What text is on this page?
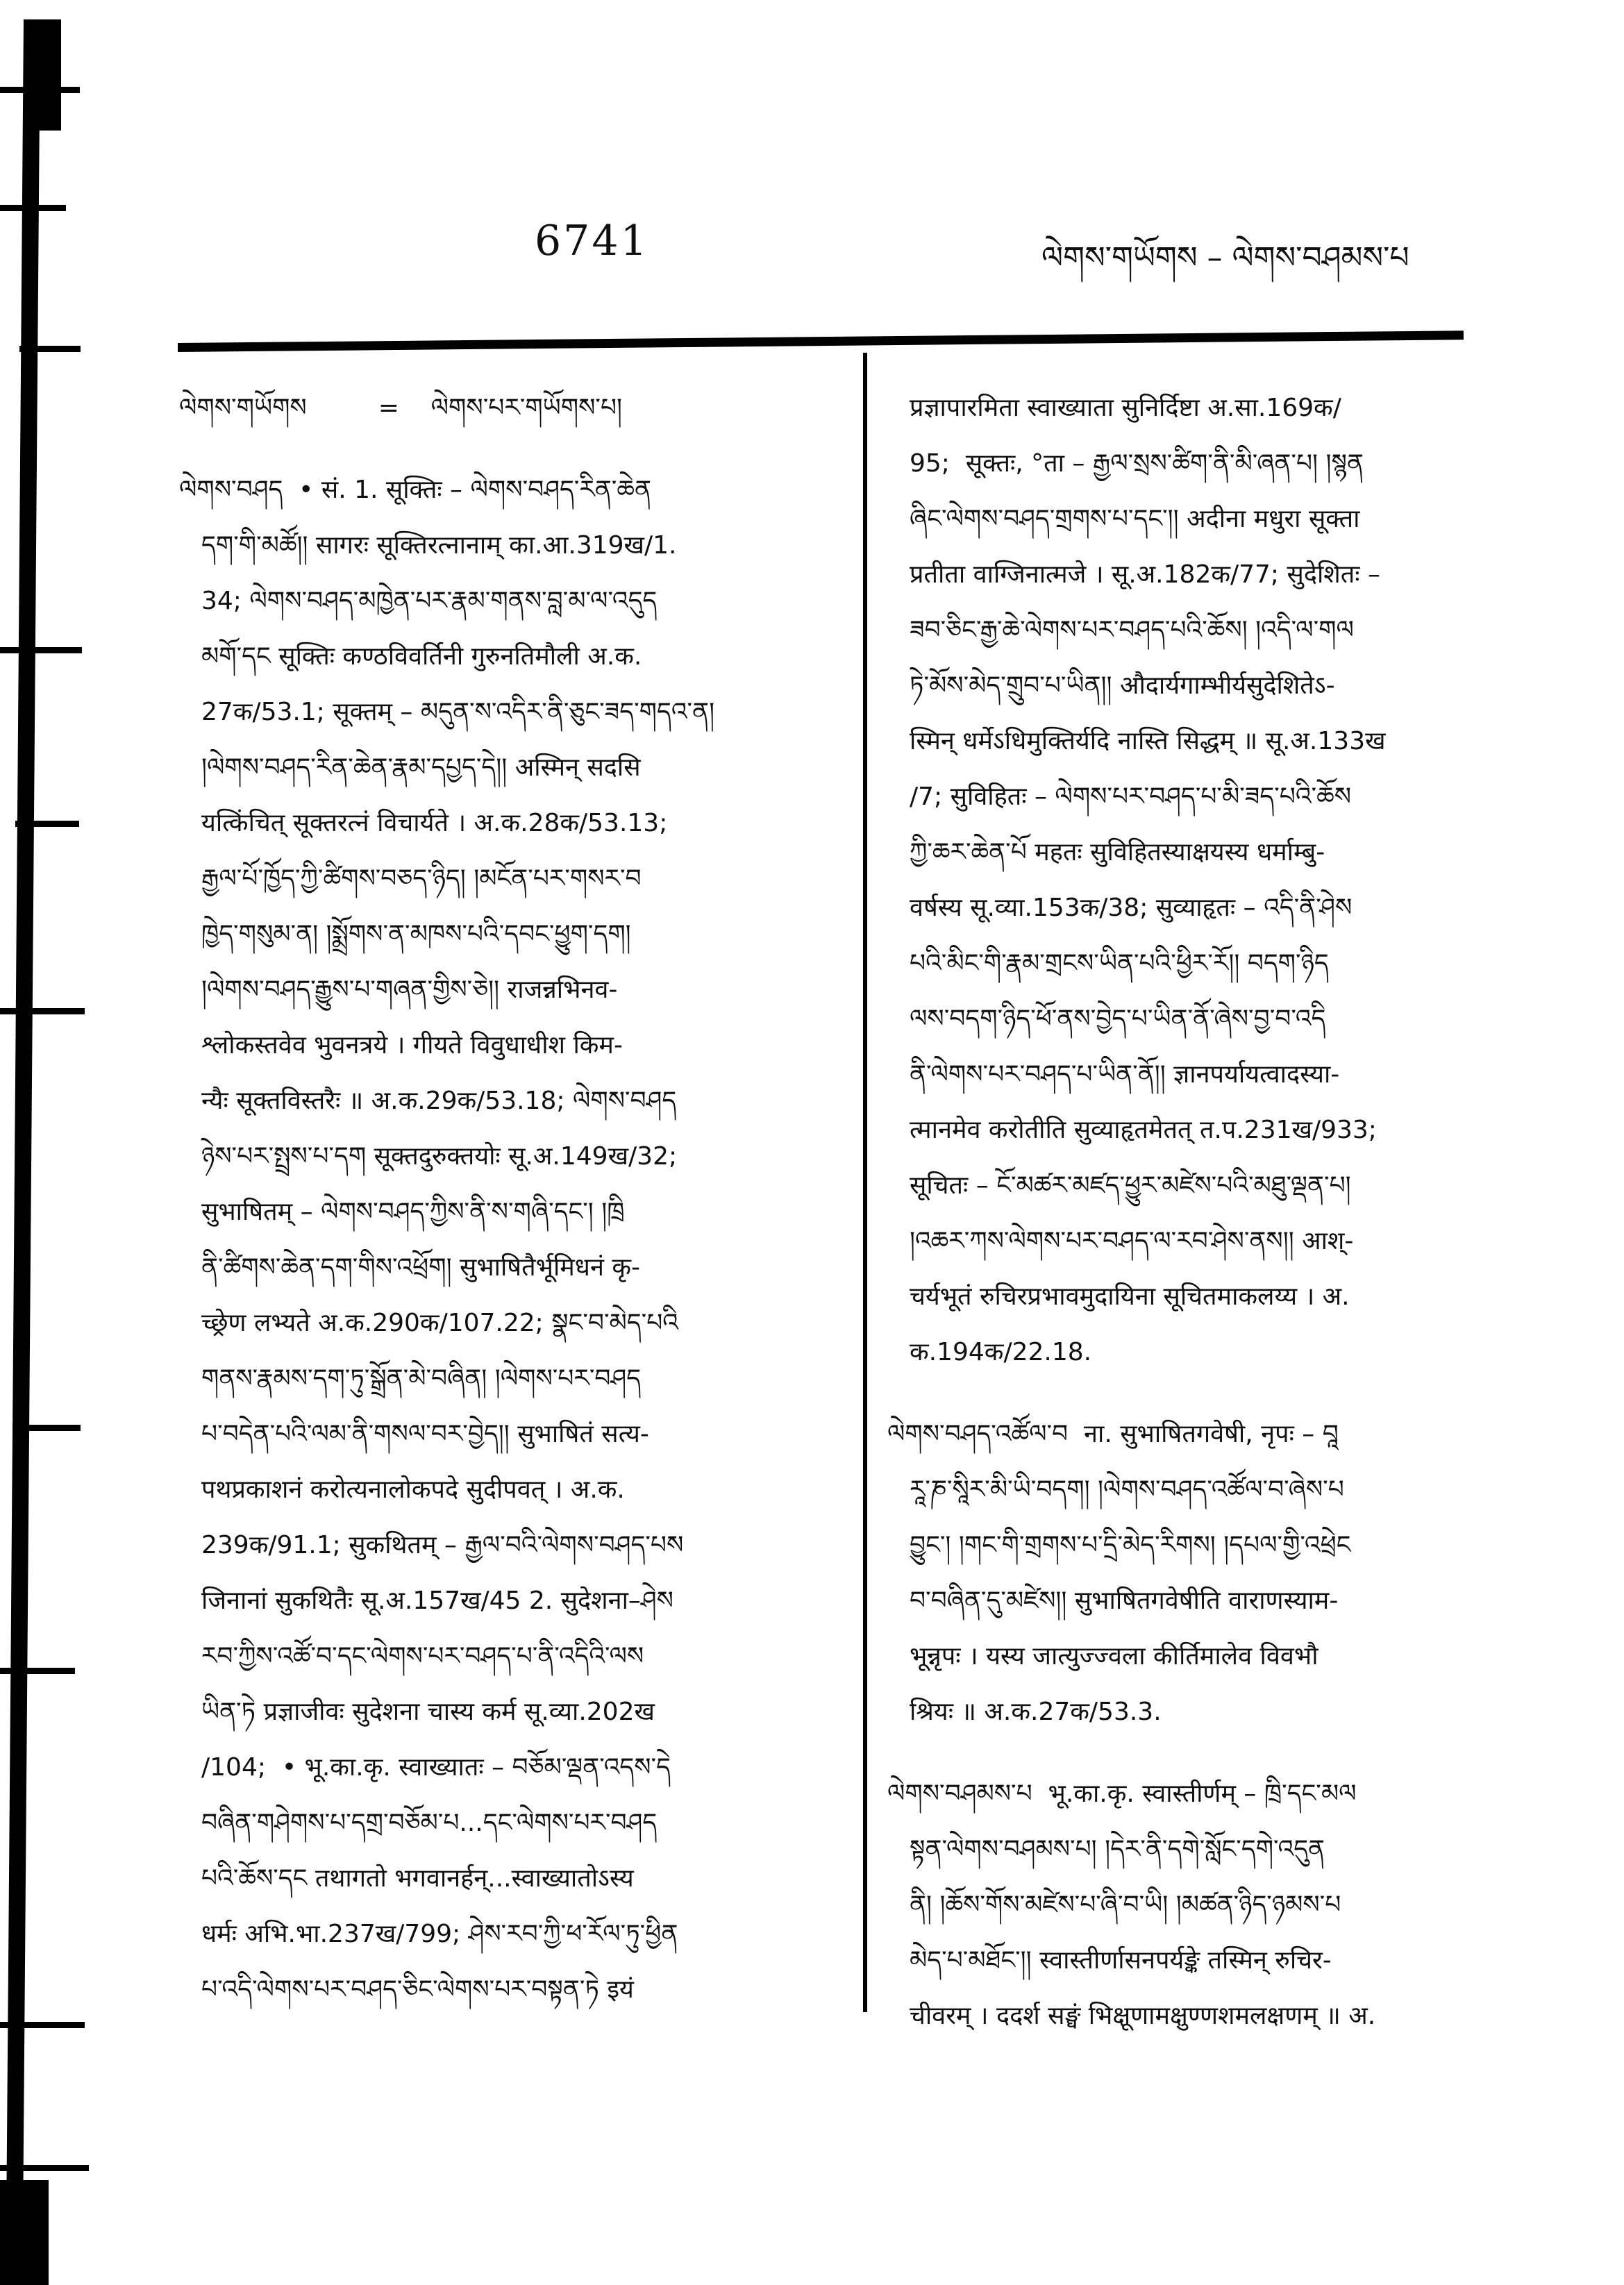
6741	ལེགས་གཡོགས – ལེགས་བཤམས་པ
ལེགས་གཡོགས         =    ལེགས་པར་གཡོགས་པ།
ལེགས་བཤད  • सं. 1. सूक्तिः – ལེགས་བཤད་རིན་ཆེན
དག་གི་མཚོ།། सागरः सूक्तिरत्नानाम् का.आ.319ख/1.
34; ལེགས་བཤད་མཁྱེན་པར་རྣམ་གནས་བླ་མ་ལ་འདུད
མགོ་དང सूक्तिः कण्ठविवर्तिनी गुरुनतिमौली अ.क.
27क/53.1; सूक्तम् – མདུན་ས་འདིར་ནི་ཅུང་ཟད་གདའ་ན།
།ལེགས་བཤད་རིན་ཆེན་རྣམ་དཔྱད་དེ།། अस्मिन् सदसि
यत्किंचित् सूक्तरत्नं विचार्यते । अ.क.28क/53.13;
རྒྱལ་པོ་ཁྱོད་ཀྱི་ཚིགས་བཅད་ཉིད། །མངོན་པར་གསར་བ
ཁྱེད་གསུམ་ན། །སྨྲོགས་ན་མཁས་པའི་དབང་ཕྱུག་དག།
།ལེགས་བཤད་རྒྱུས་པ་གཞན་གྱིས་ཅེ།། राजन्नभिनव-
श्लोकस्तवेव भुवनत्रये । गीयते विवुधाधीश किम-
न्यैः सूक्तविस्तरैः ॥ अ.क.29क/53.18; ལེགས་བཤད
ཉེས་པར་སྤྲས་པ་དག सूक्तदुरुक्तयोः सू.अ.149ख/32;
सुभाषितम् – ལེགས་བཤད་ཀྱིས་ནི་ས་གཞི་དང་། །ཁྲི
ནི་ཚིགས་ཆེན་དག་གིས་འཕྲོག། सुभाषितैर्भूमिधनं कृ-
च्छ्रेण लभ्यते अ.क.290क/107.22; སྣང་བ་མེད་པའི
གནས་རྣམས་དག་ཏུ་སྒྲོན་མེ་བཞིན། །ལེགས་པར་བཤད
པ་བདེན་པའི་ལམ་ནི་གསལ་བར་བྱེད།། सुभाषितं सत्य-
पथप्रकाशनं करोत्यनालोकपदे सुदीपवत् । अ.क.
239क/91.1; सुकथितम् – རྒྱལ་བའི་ལེགས་བཤད་པས
जिनानां सुकथितैः सू.अ.157ख/45 2. सुदेशना–ཤེས
རབ་ཀྱིས་འཚོ་བ་དང་ལེགས་པར་བཤད་པ་ནི་འདིའི་ལས
ཡིན་ཏེ प्रज्ञाजीवः सुदेशना चास्य कर्म सू.व्या.202ख
/104;  • भू.का.कृ. स्वाख्यातः – བཅོམ་ལྡན་འདས་དེ
བཞིན་གཤེགས་པ་དགྲ་བཅོམ་པ...དང་ལེགས་པར་བཤད
པའི་ཆོས་དང तथागतो भगवानर्हन्...स्वाख्यातोऽस्य
धर्मः अभि.भा.237ख/799; ཤེས་རབ་ཀྱི་ཕ་རོལ་ཏུ་ཕྱིན
པ་འདི་ལེགས་པར་བཤད་ཅིང་ལེགས་པར་བསྟན་ཏེ इयं
प्रज्ञापारमिता स्वाख्याता सुनिर्दिष्टा अ.सा.169क/
95;  सूक्तः, °ता – རྒྱལ་སྲས་ཚིག་ནི་མི་ཞན་པ། །སྙན
ཞིང་ལེགས་བཤད་གྲགས་པ་དང་།། अदीना मधुरा सूक्ता
प्रतीता वाग्जिनात्मजे । सू.अ.182क/77; सुदेशितः –
ཟབ་ཅིང་རྒྱ་ཆེ་ལེགས་པར་བཤད་པའི་ཆོས། །འདི་ལ་གལ
ཏེ་མོས་མེད་གྲུབ་པ་ཡིན།། औदार्यगाम्भीर्यसुदेशितेऽ-
स्मिन् धर्मेऽधिमुक्तिर्यदि नास्ति सिद्धम् ॥ सू.अ.133ख
/7; सुविहितः – ལེགས་པར་བཤད་པ་མི་ཟད་པའི་ཆོས
ཀྱི་ཆར་ཆེན་པོ महतः सुविहितस्याक्षयस्य धर्माम्बु-
वर्षस्य सू.व्या.153क/38; सुव्याहृतः – འདི་ནི་ཤེས
པའི་མིང་གི་རྣམ་གྲངས་ཡིན་པའི་ཕྱིར་རོ།། བདག་ཉིད
ལས་བདག་ཉིད་ཕོ་ནས་བྱེད་པ་ཡིན་ནོ་ཞེས་བྱ་བ་འདི
ནི་ལེགས་པར་བཤད་པ་ཡིན་ནོ།། ज्ञानपर्यायत्वादस्या-
त्मानमेव करोतीति सुव्याहृतमेतत् त.प.231ख/933;
सूचितः – ངོ་མཚར་མཛད་ཕྱུར་མཛེས་པའི་མཐུ་ལྡན་པ།
།འཆར་ཀས་ལེགས་པར་བཤད་ལ་རབ་ཤེས་ནས།། आश्-
चर्यभूतं रुचिरप्रभावमुदायिना सूचितमाकलय्य । अ.
क.194क/22.18.
ལེགས་བཤད་འཚོལ་བ  ना. सुभाषितगवेषी, नृपः – བཱ
རཱ་ཎ་སཱིར་མི་ཡི་བདག། །ལེགས་བཤད་འཚོལ་བ་ཞེས་པ
བྱུང་། །གང་གི་གྲགས་པ་དྲི་མེད་རིགས། །དཔལ་གྱི་འཕྲེང
བ་བཞིན་དུ་མཛེས།། सुभाषितगवेषीति वाराणस्याम-
भून्नृपः । यस्य जात्युज्ज्वला कीर्तिमालेव विवभौ
श्रियः ॥ अ.क.27क/53.3.
ལེགས་བཤམས་པ  भू.का.कृ. स्वास्तीर्णम् – ཁྲི་དང་མལ
སྟན་ལེགས་བཤམས་པ། །དེར་ནི་དགེ་སློང་དགེ་འདུན
ནི། །ཆོས་གོས་མཛེས་པ་ཞི་བ་ཡི། །མཚན་ཉིད་ཉམས་པ
མེད་པ་མཐོང་།། स्वास्तीर्णासनपर्यङ्के तस्मिन् रुचिर-
चीवरम् । ददर्श सङ्घं भिक्षूणामक्षुण्णशमलक्षणम् ॥ अ.
